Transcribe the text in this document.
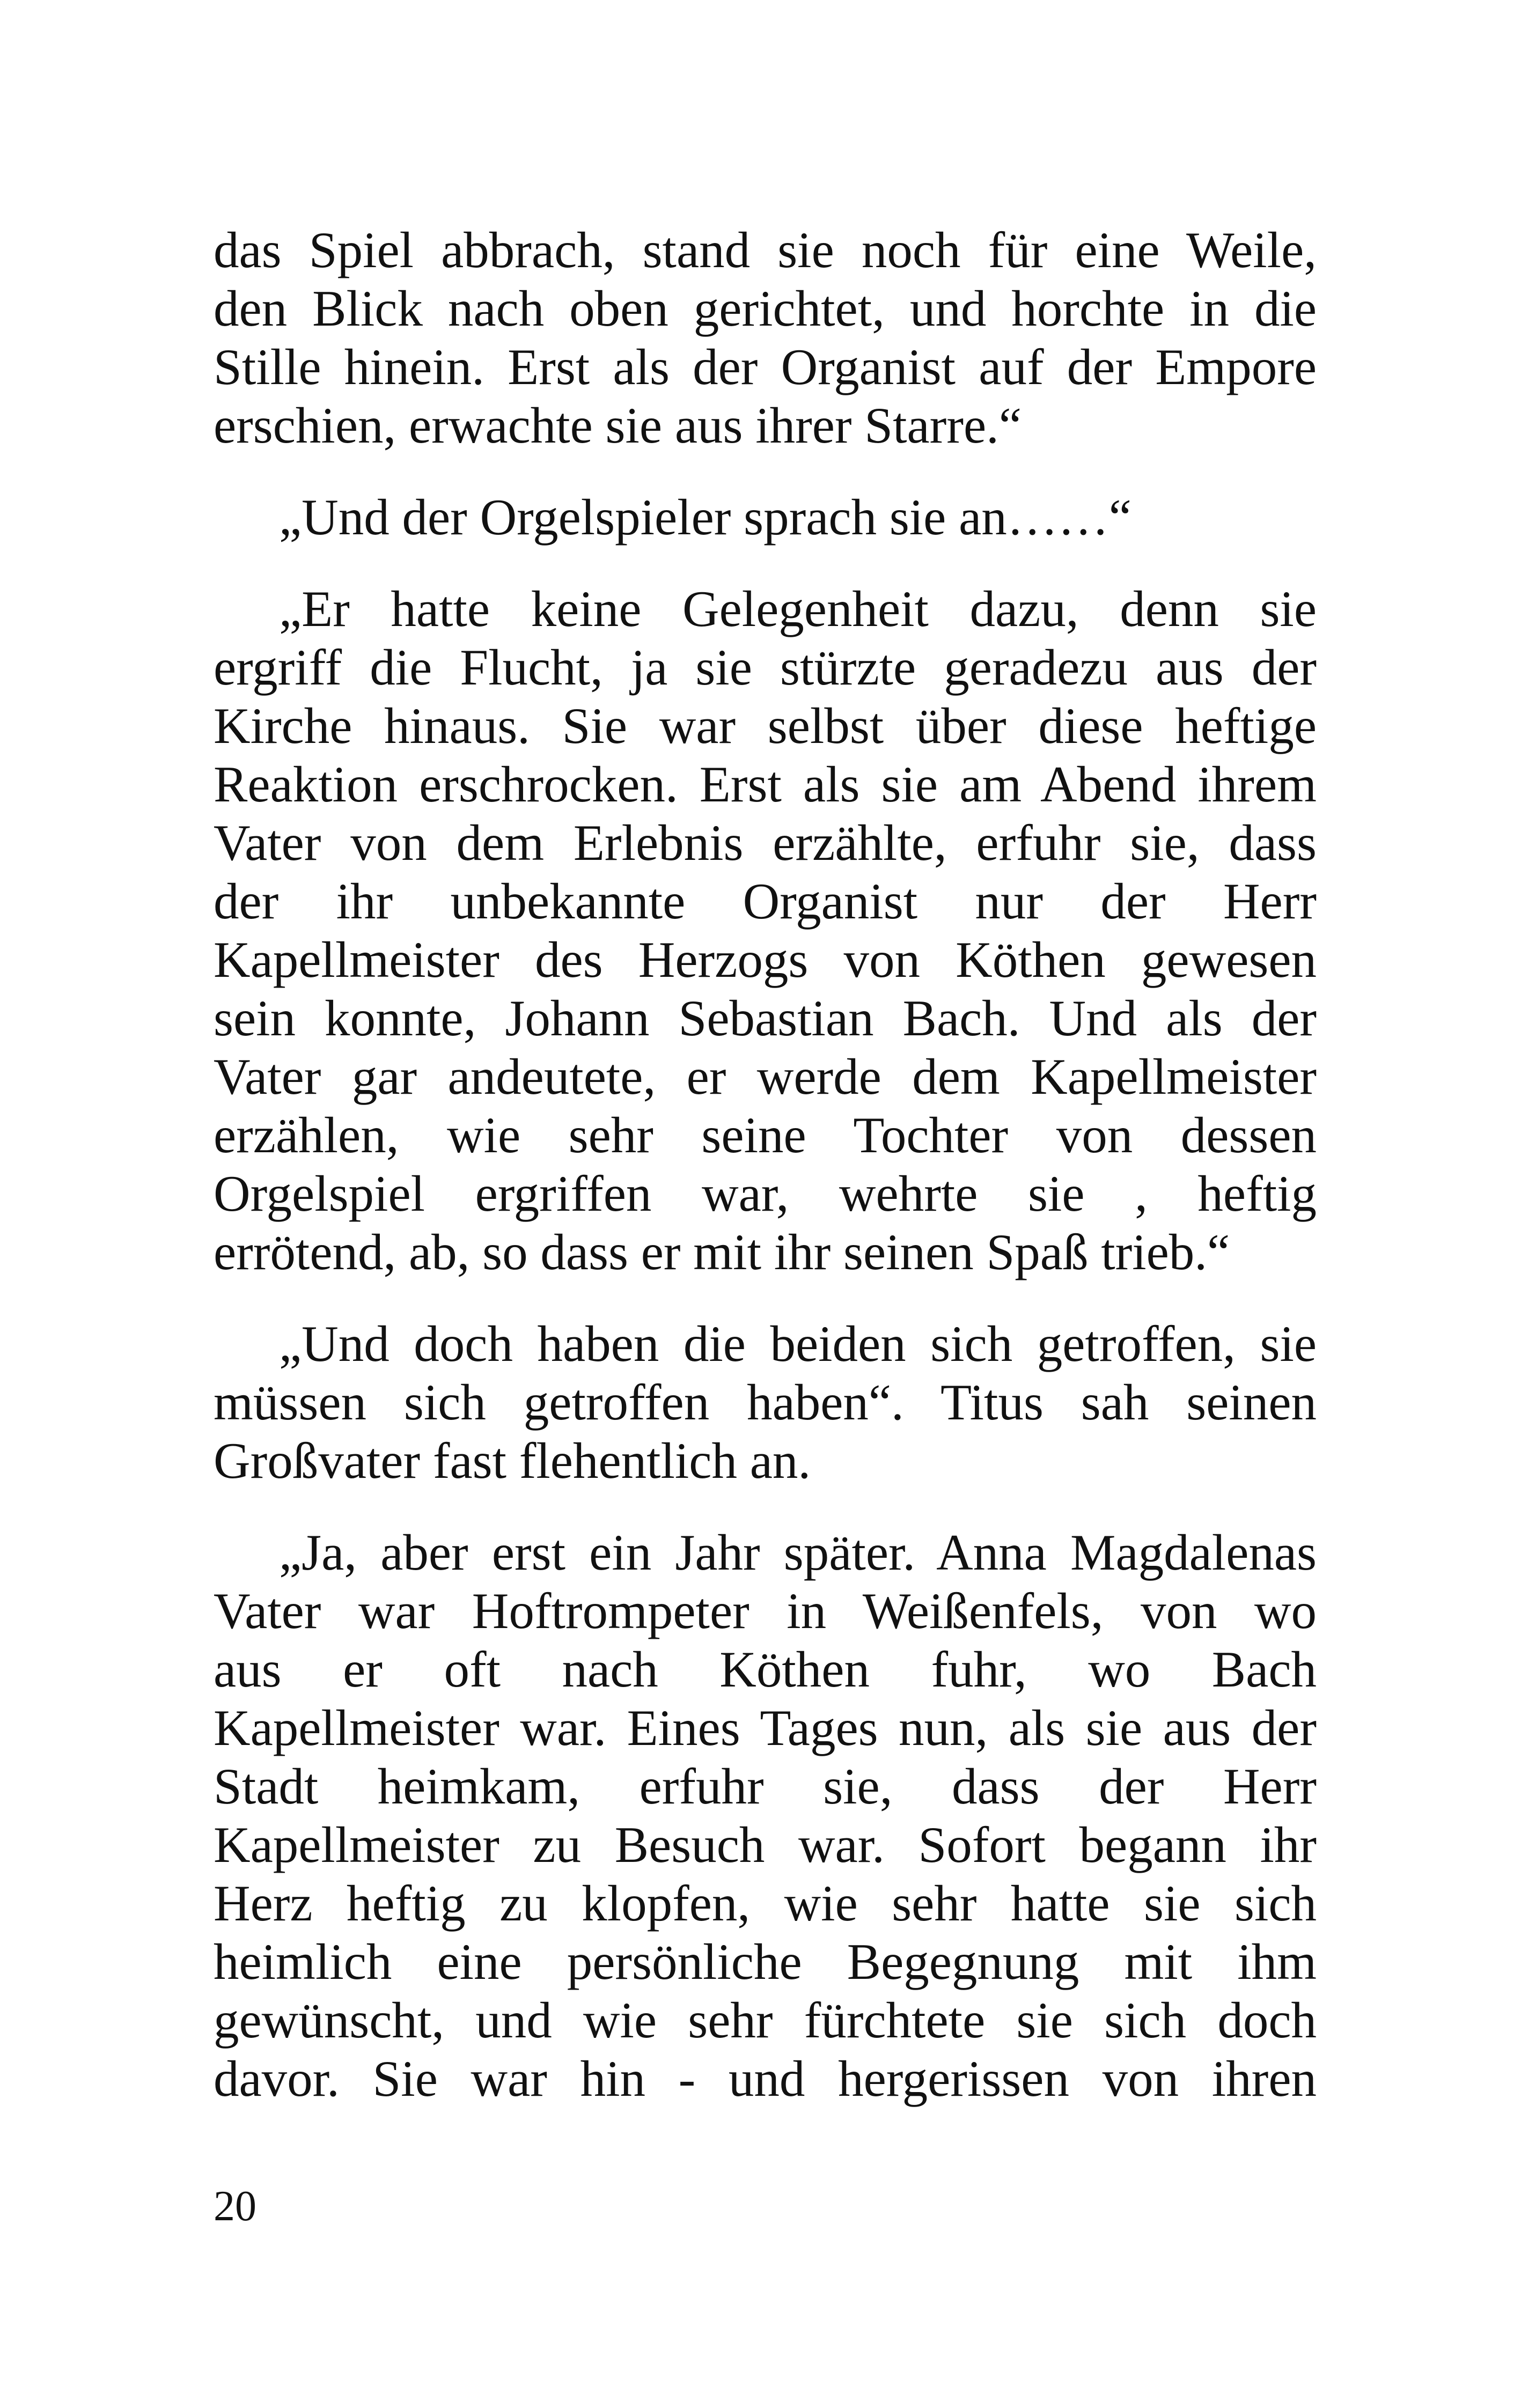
das Spiel abbrach, stand sie noch für eine Weile,
den Blick nach oben gerichtet, und horchte in die
Stille hinein. Erst als der Organist auf der Empore
erschien, erwachte sie aus ihrer Starre.“

„Und der Orgelspieler sprach sie an……“

„Er hatte keine Gelegenheit dazu, denn sie
ergriff die Flucht, ja sie stürzte geradezu aus der
Kirche hinaus. Sie war selbst über diese heftige
Reaktion erschrocken. Erst als sie am Abend ihrem
Vater von dem Erlebnis erzählte, erfuhr sie, dass
der ihr unbekannte Organist nur der Herr
Kapellmeister des Herzogs von Köthen gewesen
sein konnte, Johann Sebastian Bach. Und als der
Vater gar andeutete, er werde dem Kapellmeister
erzählen, wie sehr seine Tochter von dessen
Orgelspiel ergriffen war, wehrte sie , heftig
errötend, ab, so dass er mit ihr seinen Spaß trieb.“

„Und doch haben die beiden sich getroffen, sie
müssen sich getroffen haben“. Titus sah seinen
Großvater fast flehentlich an.

„Ja, aber erst ein Jahr später. Anna Magdalenas
Vater war Hoftrompeter in Weißenfels, von wo
aus er oft nach Köthen fuhr, wo Bach
Kapellmeister war. Eines Tages nun, als sie aus der
Stadt heimkam, erfuhr sie, dass der Herr
Kapellmeister zu Besuch war. Sofort begann ihr
Herz heftig zu klopfen, wie sehr hatte sie sich
heimlich eine persönliche Begegnung mit ihm
gewünscht, und wie sehr fürchtete sie sich doch
davor. Sie war hin - und hergerissen von ihren

20
